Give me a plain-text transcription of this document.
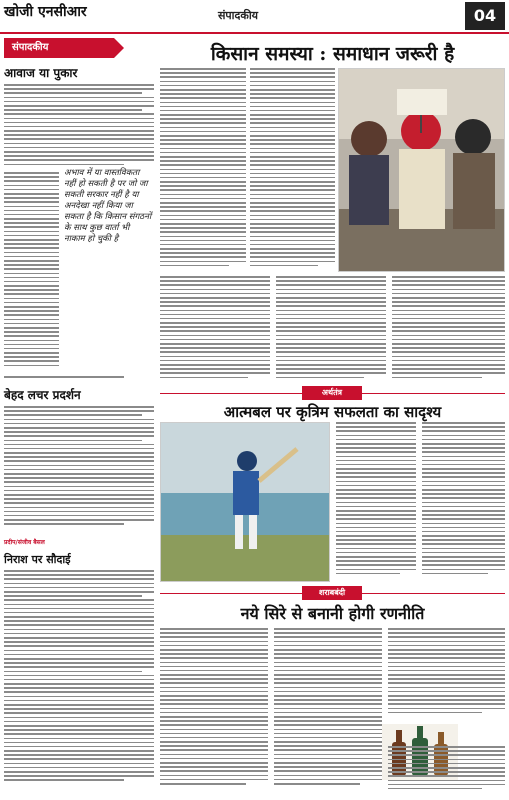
खोजी एनसीआर	संपादकीय	04
संपादकीय
आवाज या पुकार
अभाव में या वास्तविकता नहीं हो सकती है पर जो जा सकती सरकार नहीं है या अनदेखा नहीं किया जा सकता है कि किसान संगठनों के साथ कुछ वार्ता भी नाकाम हो चुकी है
बेहद लचर प्रदर्शन
प्रदीप/संजीव बैसल
निराश पर सौदाई
किसान समस्या : समाधान जरूरी है
अर्थतंत्र
आत्मबल पर कृत्रिम सफलता का सादृश्य
शराबबंदी
नये सिरे से बनानी होगी रणनीति
